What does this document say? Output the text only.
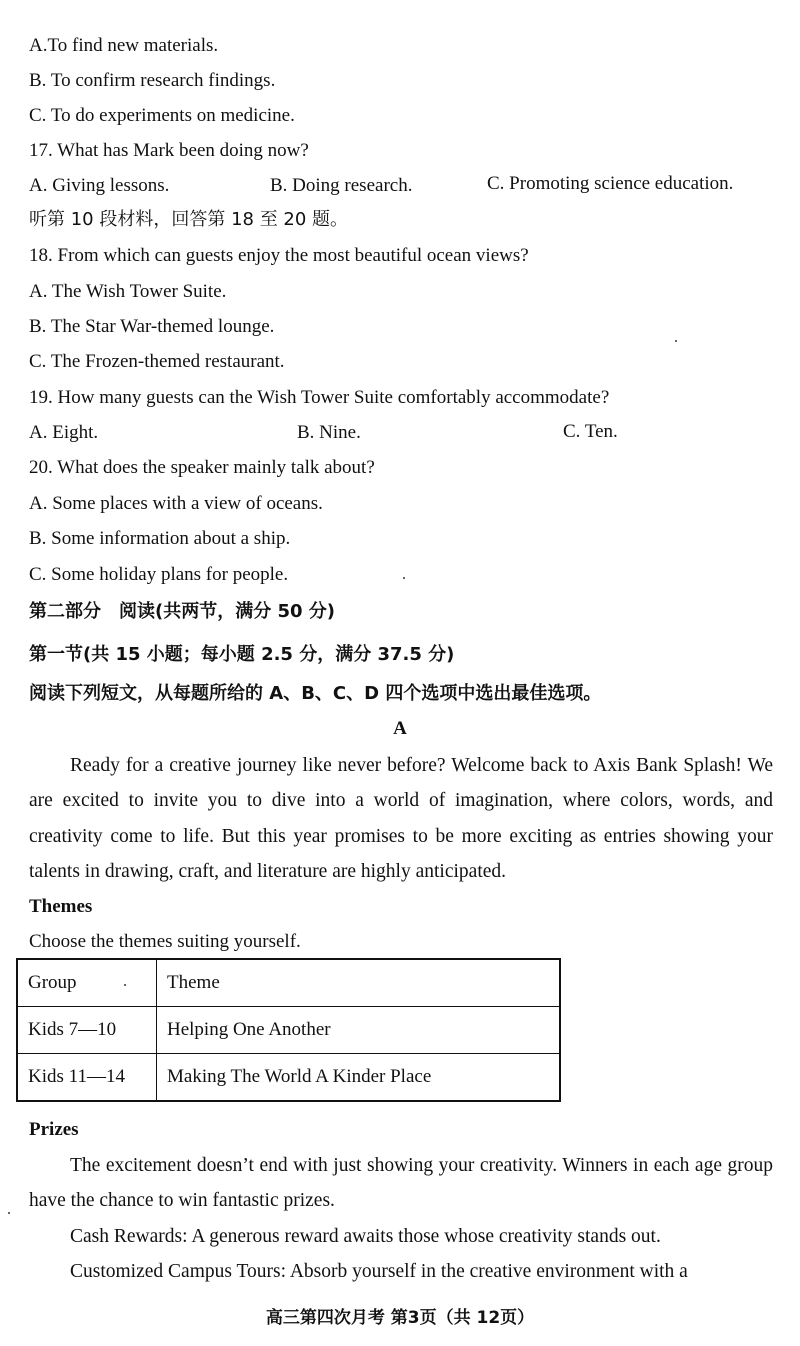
A.To find new materials.
B. To confirm research findings.
C. To do experiments on medicine.
17. What has Mark been doing now?
A. Giving lessons.	B. Doing research.	C. Promoting science education.
听第 10 段材料，回答第 18 至 20 题。
18. From which can guests enjoy the most beautiful ocean views?
A. The Wish Tower Suite.
B. The Star War-themed lounge.
C. The Frozen-themed restaurant.
19. How many guests can the Wish Tower Suite comfortably accommodate?
A. Eight.	B. Nine.	C. Ten.
20. What does the speaker mainly talk about?
A. Some places with a view of oceans.
B. Some information about a ship.
C. Some holiday plans for people.
第二部分　阅读(共两节，满分 50 分)
第一节(共 15 小题；每小题 2.5 分，满分 37.5 分)
阅读下列短文，从每题所给的 A、B、C、D 四个选项中选出最佳选项。
A
Ready for a creative journey like never before? Welcome back to Axis Bank Splash! We are excited to invite you to dive into a world of imagination, where colors, words, and creativity come to life. But this year promises to be more exciting as entries showing your talents in drawing, craft, and literature are highly anticipated.
Themes
Choose the themes suiting yourself.
Group	Theme
Kids 7—10	Helping One Another
Kids 11—14	Making The World A Kinder Place
Prizes
The excitement doesn’t end with just showing your creativity. Winners in each age group have the chance to win fantastic prizes.
Cash Rewards: A generous reward awaits those whose creativity stands out.
Customized Campus Tours: Absorb yourself in the creative environment with a
高三第四次月考 第3页（共 12页）
